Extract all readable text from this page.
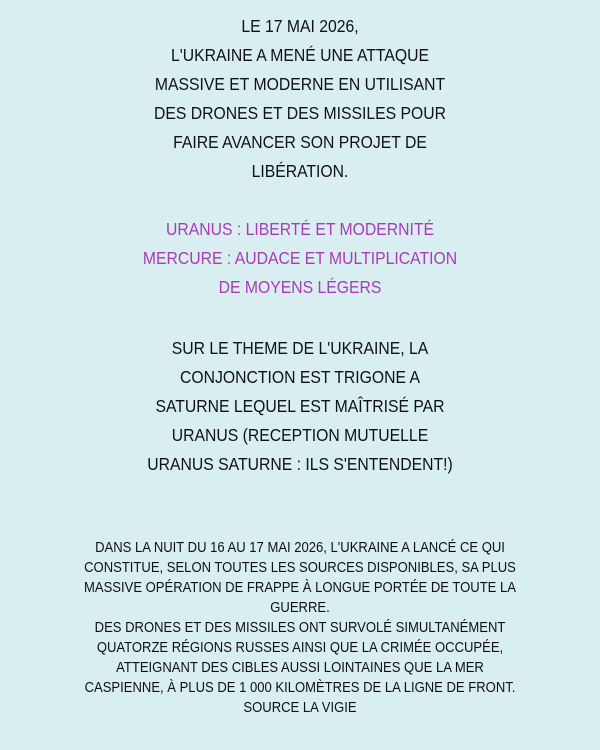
LE 17 MAI 2026,
L'UKRAINE A MENÉ UNE ATTAQUE
MASSIVE ET MODERNE EN UTILISANT
DES DRONES ET DES MISSILES POUR
FAIRE AVANCER SON PROJET DE
LIBÉRATION.
URANUS : LIBERTÉ ET MODERNITÉ
MERCURE : AUDACE ET MULTIPLICATION
DE MOYENS LÉGERS
SUR LE THEME DE L'UKRAINE, LA
CONJONCTION EST TRIGONE A
SATURNE LEQUEL EST MAÎTRISÉ PAR
URANUS (RECEPTION MUTUELLE
URANUS SATURNE : ILS S'ENTENDENT!)
DANS LA NUIT DU 16 AU 17 MAI 2026, L'UKRAINE A LANCÉ CE QUI
CONSTITUE, SELON TOUTES LES SOURCES DISPONIBLES, SA PLUS
MASSIVE OPÉRATION DE FRAPPE À LONGUE PORTÉE DE TOUTE LA
GUERRE.
DES DRONES ET DES MISSILES ONT SURVOLÉ SIMULTANÉMENT
QUATORZE RÉGIONS RUSSES AINSI QUE LA CRIMÉE OCCUPÉE,
ATTEIGNANT DES CIBLES AUSSI LOINTAINES QUE LA MER
CASPIENNE, À PLUS DE 1 000 KILOMÈTRES DE LA LIGNE DE FRONT.
SOURCE LA VIGIE
